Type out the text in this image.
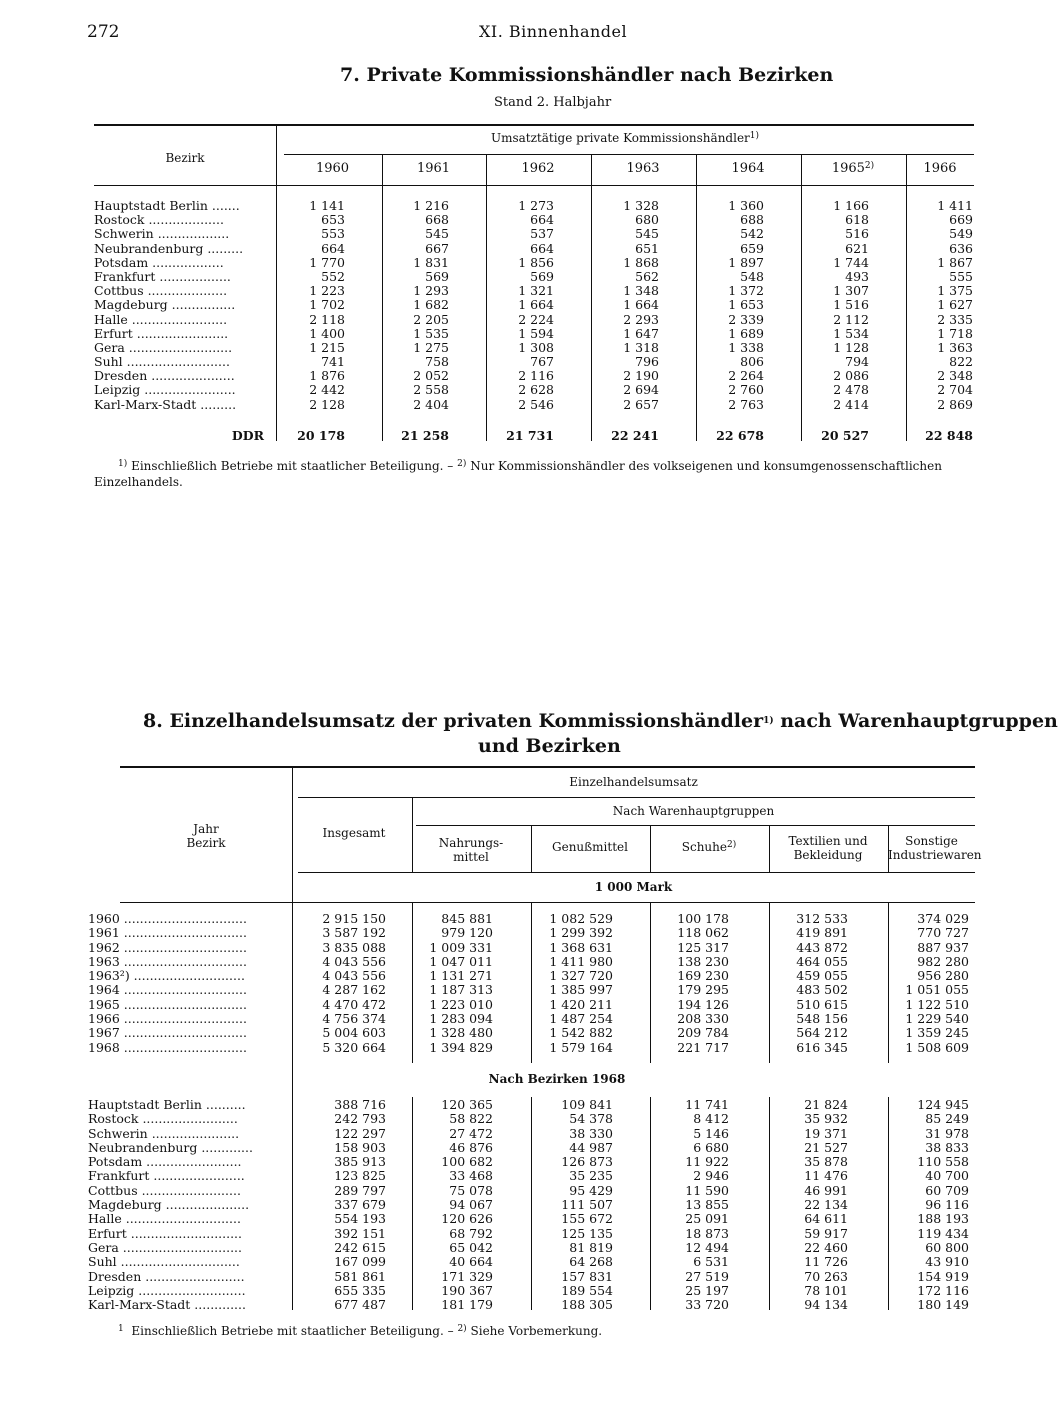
272	XI. Binnenhandel
7. Private Kommissionshändler nach Bezirken
Stand 2. Halbjahr
Bezirk
Umsatztätige private Kommissionshändler$^{1)}$
1960	1961	1962	1963	1964	1965$^{2)}$	1966
Hauptstadt Berlin .......	1 141	1 216	1 273	1 328	1 360	1 166	1 411
Rostock ...................	653	668	664	680	688	618	669
Schwerin ..................	553	545	537	545	542	516	549
Neubrandenburg .........	664	667	664	651	659	621	636
Potsdam ..................	1 770	1 831	1 856	1 868	1 897	1 744	1 867
Frankfurt ..................	552	569	569	562	548	493	555
Cottbus ....................	1 223	1 293	1 321	1 348	1 372	1 307	1 375
Magdeburg ................	1 702	1 682	1 664	1 664	1 653	1 516	1 627
Halle ........................	2 118	2 205	2 224	2 293	2 339	2 112	2 335
Erfurt .......................	1 400	1 535	1 594	1 647	1 689	1 534	1 718
Gera ..........................	1 215	1 275	1 308	1 318	1 338	1 128	1 363
Suhl ..........................	741	758	767	796	806	794	822
Dresden .....................	1 876	2 052	2 116	2 190	2 264	2 086	2 348
Leipzig .......................	2 442	2 558	2 628	2 694	2 760	2 478	2 704
Karl-Marx-Stadt .........	2 128	2 404	2 546	2 657	2 763	2 414	2 869
DDR	20 178	21 258	21 731	22 241	22 678	20 527	22 848
$^{1)}$ Einschließlich Betriebe mit staatlicher Beteiligung. – $^{2)}$ Nur Kommissionshändler des volkseigenen und konsumgenossenschaftlichen
Einzelhandels.
8. Einzelhandelsumsatz der privaten Kommissionshändler$^{1)}$ nach Warenhauptgruppen
und Bezirken
Jahr
Bezirk
Einzelhandelsumsatz
Insgesamt
Nach Warenhauptgruppen
Nahrungs-
mittel
Genußmittel	Schuhe$^{2)}$	Textilien und
Bekleidung
Sonstige
Industriewaren
1 000 Mark
1960 ...............................	2 915 150	845 881	1 082 529	100 178	312 533	374 029
1961 ...............................	3 587 192	979 120	1 299 392	118 062	419 891	770 727
1962 ...............................	3 835 088	1 009 331	1 368 631	125 317	443 872	887 937
1963 ...............................	4 043 556	1 047 011	1 411 980	138 230	464 055	982 280
1963²) ............................	4 043 556	1 131 271	1 327 720	169 230	459 055	956 280
1964 ...............................	4 287 162	1 187 313	1 385 997	179 295	483 502	1 051 055
1965 ...............................	4 470 472	1 223 010	1 420 211	194 126	510 615	1 122 510
1966 ...............................	4 756 374	1 283 094	1 487 254	208 330	548 156	1 229 540
1967 ...............................	5 004 603	1 328 480	1 542 882	209 784	564 212	1 359 245
1968 ...............................	5 320 664	1 394 829	1 579 164	221 717	616 345	1 508 609
Nach Bezirken 1968
Hauptstadt Berlin ..........	388 716	120 365	109 841	11 741	21 824	124 945
Rostock ........................	242 793	58 822	54 378	8 412	35 932	85 249
Schwerin ......................	122 297	27 472	38 330	5 146	19 371	31 978
Neubrandenburg .............	158 903	46 876	44 987	6 680	21 527	38 833
Potsdam ........................	385 913	100 682	126 873	11 922	35 878	110 558
Frankfurt .......................	123 825	33 468	35 235	2 946	11 476	40 700
Cottbus .........................	289 797	75 078	95 429	11 590	46 991	60 709
Magdeburg .....................	337 679	94 067	111 507	13 855	22 134	96 116
Halle .............................	554 193	120 626	155 672	25 091	64 611	188 193
Erfurt ............................	392 151	68 792	125 135	18 873	59 917	119 434
Gera ..............................	242 615	65 042	81 819	12 494	22 460	60 800
Suhl ..............................	167 099	40 664	64 268	6 531	11 726	43 910
Dresden .........................	581 861	171 329	157 831	27 519	70 263	154 919
Leipzig ...........................	655 335	190 367	189 554	25 197	78 101	172 116
Karl-Marx-Stadt .............	677 487	181 179	188 305	33 720	94 134	180 149
$^1$ Einschließlich Betriebe mit staatlicher Beteiligung. – $^{2)}$ Siehe Vorbemerkung.
